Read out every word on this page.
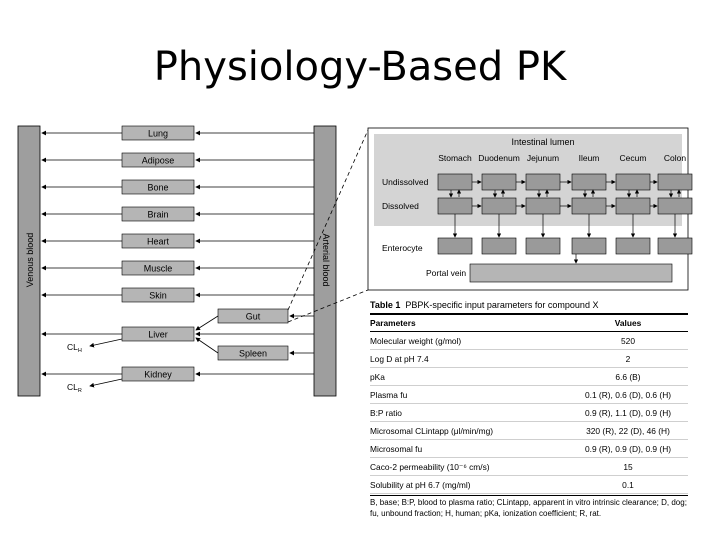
Physiology-Based PK
Venous blood	Arterial blood
Lung
Adipose
Bone
Brain
Heart
Muscle
Skin
Gut
Liver
Spleen
$CL_H$
Kidney
$CL_R$
Intestinal lumen
Stomach Duodenum Jejunum Ileum Cecum Colon
Undissolved
Dissolved
Enterocyte
Portal vein
Table 1 PBPK-specific input parameters for compound X
Parameters	Values
Molecular weight (g/mol)	520
Log D at pH 7.4	2
pKa	6.6 (B)
Plasma fu	0.1 (R), 0.6 (D), 0.6 (H)
B:P ratio	0.9 (R), 1.1 (D), 0.9 (H)
Microsomal CLintapp (μl/min/mg)	320 (R), 22 (D), 46 (H)
Microsomal fu	0.9 (R), 0.9 (D), 0.9 (H)
Caco-2 permeability (10⁻⁶ cm/s)	15
Solubility at pH 6.7 (mg/ml)	0.1
B, base; B:P, blood to plasma ratio; CLintapp, apparent in vitro intrinsic clearance; D, dog; fu, unbound fraction; H, human; pKa, ionization coefficient; R, rat.
